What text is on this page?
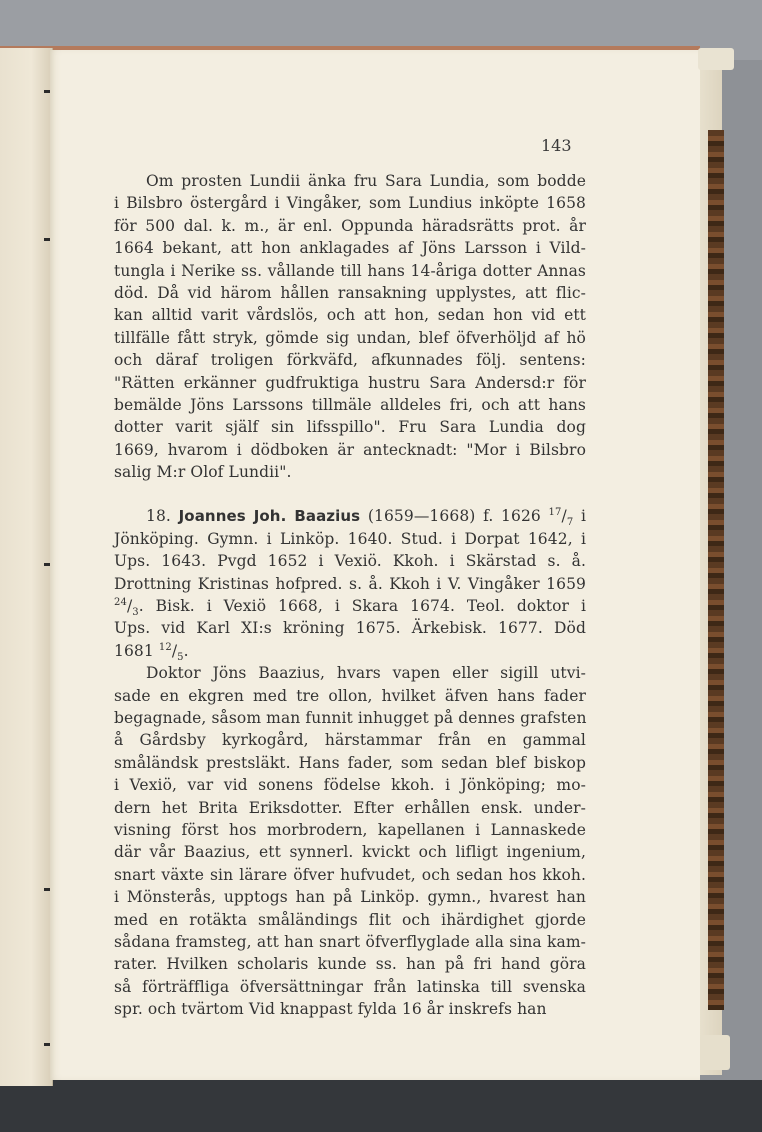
143
Om prosten Lundii änka fru Sara Lundia, som bodde
i Bilsbro östergård i Vingåker, som Lundius inköpte 1658
för 500 dal. k. m., är enl. Oppunda häradsrätts prot. år
1664 bekant, att hon anklagades af Jöns Larsson i Vild-
tungla i Nerike ss. vållande till hans 14-åriga dotter Annas
död. Då vid härom hållen ransakning upplystes, att flic-
kan alltid varit vårdslös, och att hon, sedan hon vid ett
tillfälle fått stryk, gömde sig undan, blef öfverhöljd af hö
och däraf troligen förkväfd, afkunnades följ. sentens:
"Rätten erkänner gudfruktiga hustru Sara Andersd:r för
bemälde Jöns Larssons tillmäle alldeles fri, och att hans
dotter varit själf sin lifsspillo". Fru Sara Lundia dog
1669, hvarom i dödboken är antecknadt: "Mor i Bilsbro
salig M:r Olof Lundii".
18. Joannes Joh. Baazius (1659—1668) f. 1626 $^{17}/_7$ i
Jönköping. Gymn. i Linköp. 1640. Stud. i Dorpat 1642, i
Ups. 1643. Pvgd 1652 i Vexiö. Kkoh. i Skärstad s. å.
Drottning Kristinas hofpred. s. å. Kkoh i V. Vingåker 1659
$^{24}/_3$. Bisk. i Vexiö 1668, i Skara 1674. Teol. doktor i
Ups. vid Karl XI:s kröning 1675. Ärkebisk. 1677. Död
1681 $^{12}/_5$.
Doktor Jöns Baazius, hvars vapen eller sigill utvi-
sade en ekgren med tre ollon, hvilket äfven hans fader
begagnade, såsom man funnit inhugget på dennes grafsten
å Gårdsby kyrkogård, härstammar från en gammal
småländsk prestsläkt. Hans fader, som sedan blef biskop
i Vexiö, var vid sonens födelse kkoh. i Jönköping; mo-
dern het Brita Eriksdotter. Efter erhållen ensk. under-
visning först hos morbrodern, kapellanen i Lannaskede
där vår Baazius, ett synnerl. kvickt och lifligt ingenium,
snart växte sin lärare öfver hufvudet, och sedan hos kkoh.
i Mönsterås, upptogs han på Linköp. gymn., hvarest han
med en rotäkta småländings flit och ihärdighet gjorde
sådana framsteg, att han snart öfverflyglade alla sina kam-
rater. Hvilken scholaris kunde ss. han på fri hand göra
så förträffliga öfversättningar från latinska till svenska
spr. och tvärtom Vid knappast fylda 16 år inskrefs han
